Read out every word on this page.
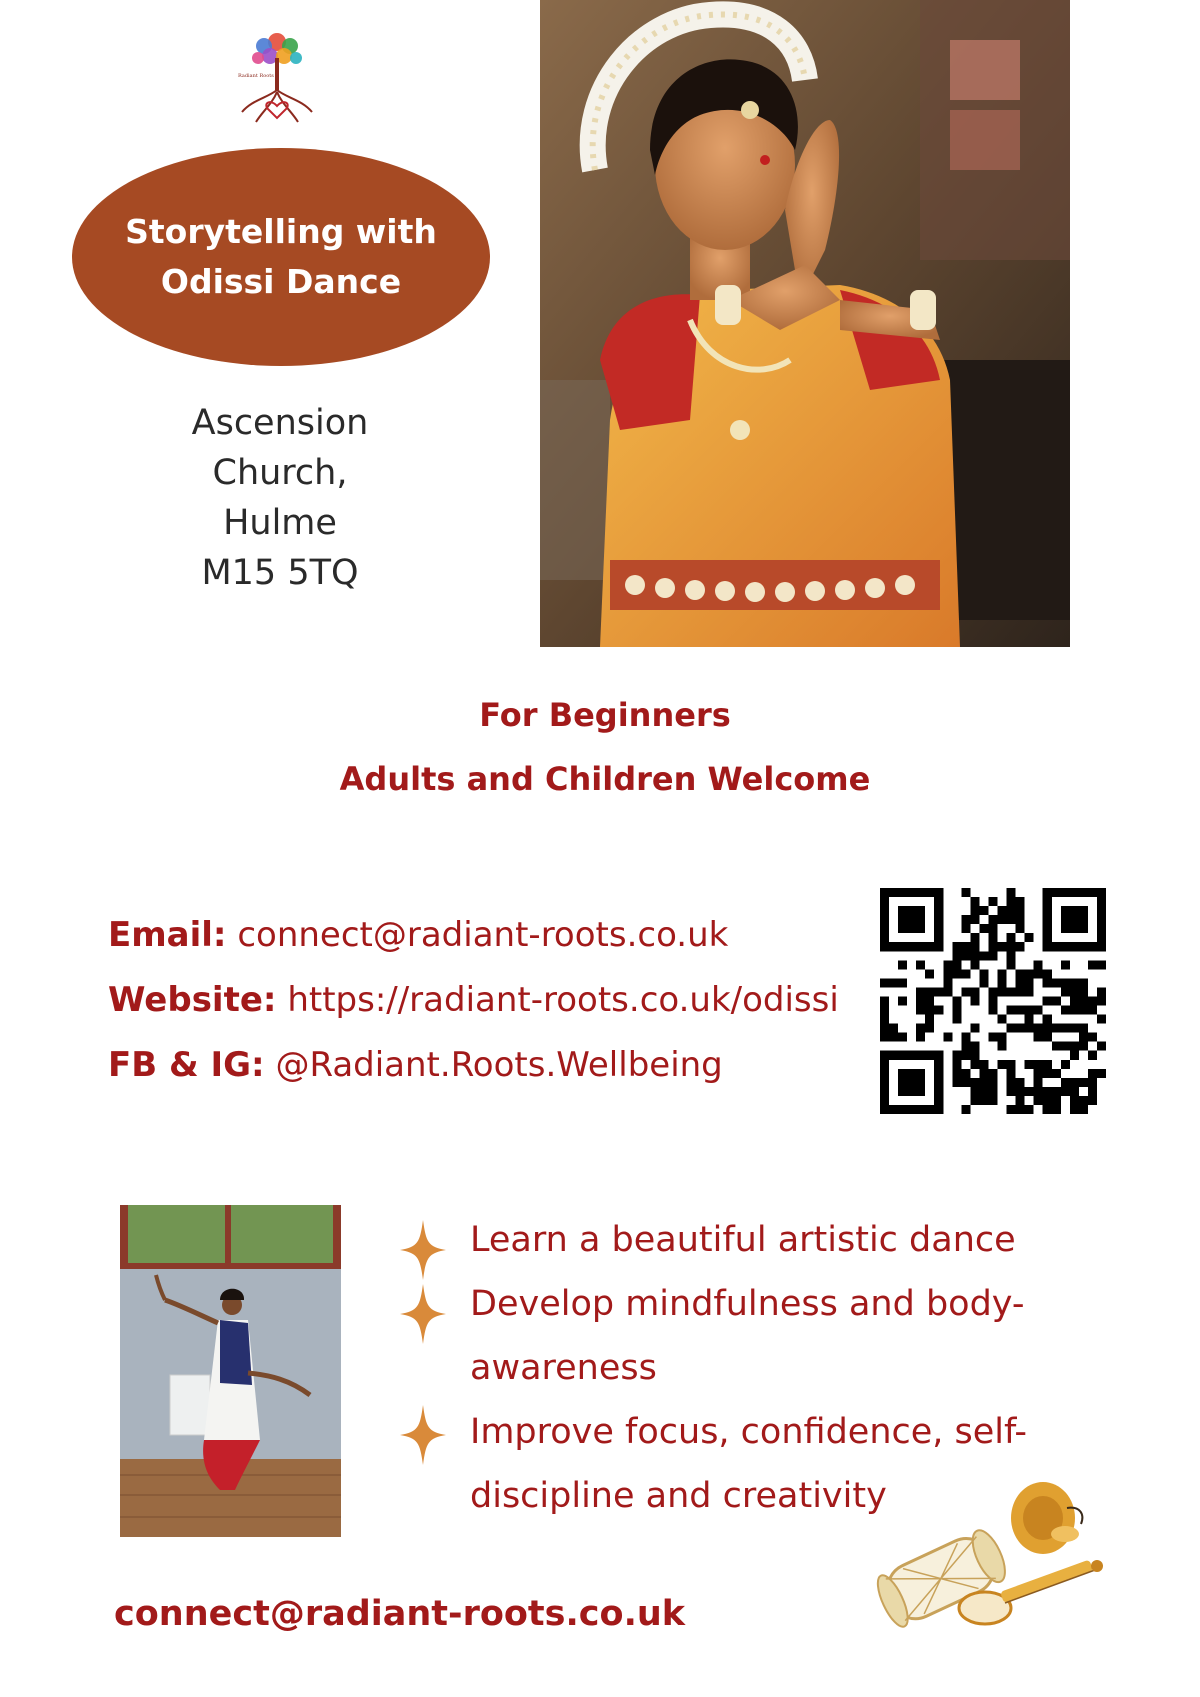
Radiant Roots
Storytelling with
Odissi Dance
Ascension
Church,
Hulme
M15 5TQ
For Beginners
Adults and Children Welcome
Email: connect@radiant-roots.co.uk
Website: https://radiant-roots.co.uk/odissi
FB & IG: @Radiant.Roots.Wellbeing
Learn a beautiful artistic dance
Develop mindfulness and body-
awareness
Improve focus, confidence, self-
discipline and creativity
connect@radiant-roots.co.uk
